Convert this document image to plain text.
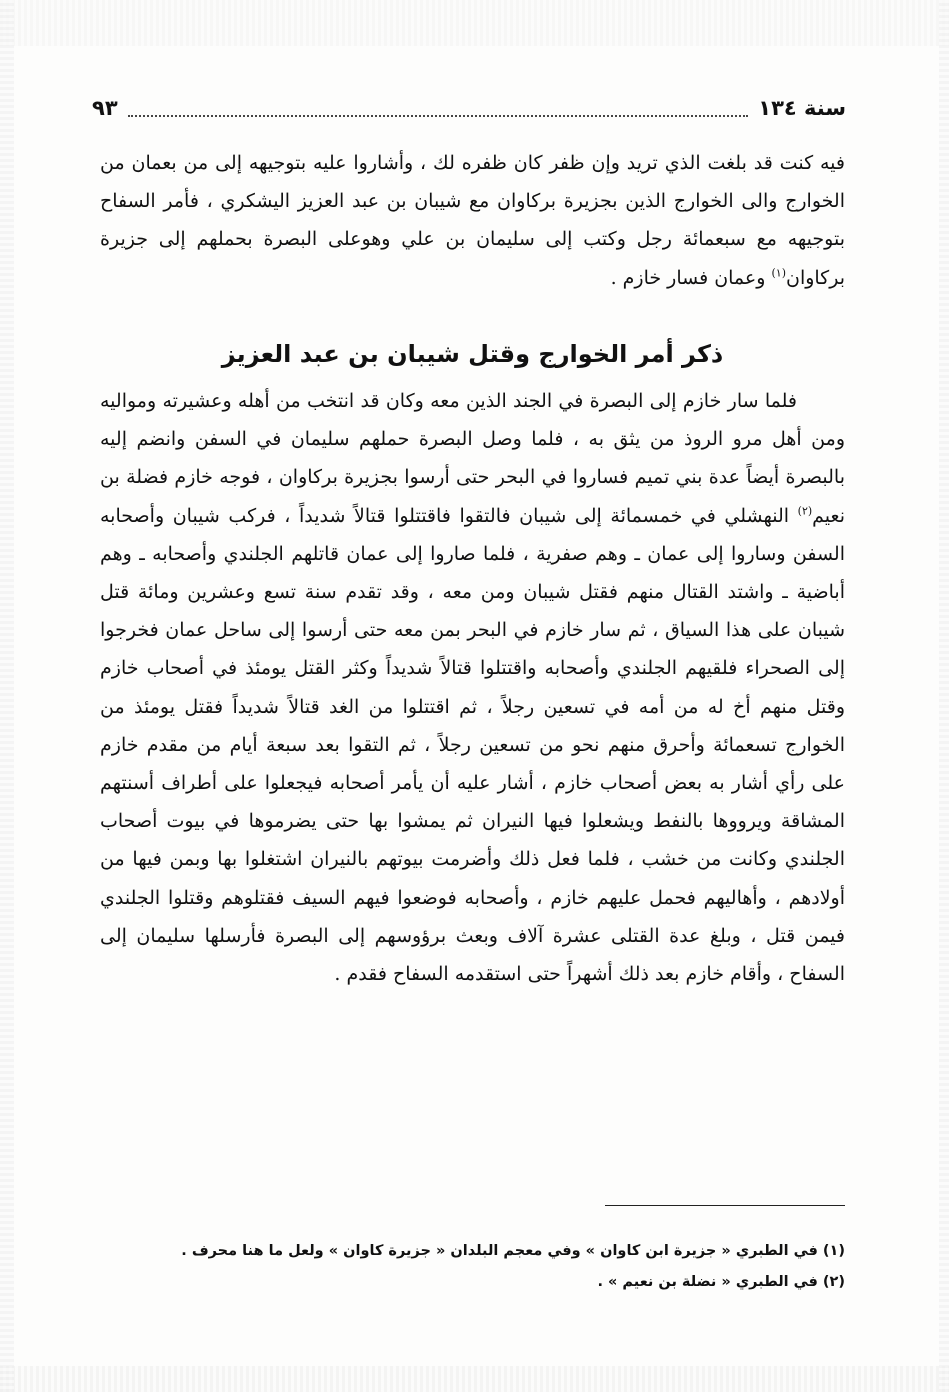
سنة ١٣٤
٩٣

فيه كنت قد بلغت الذي تريد وإن ظفر كان ظفره لك ، وأشاروا عليه بتوجيهه إلى من بعمان من الخوارج والى الخوارج الذين بجزيرة بركاوان مع شيبان بن عبد العزيز اليشكري ، فأمر السفاح بتوجيهه مع سبعمائة رجل وكتب إلى سليمان بن علي وهوعلى البصرة بحملهم إلى جزيرة بركاوان$^{(١)}$ وعمان فسار خازم .

ذكر أمر الخوارج وقتل شيبان بن عبد العزيز

فلما سار خازم إلى البصرة في الجند الذين معه وكان قد انتخب من أهله وعشيرته ومواليه ومن أهل مرو الروذ من يثق به ، فلما وصل البصرة حملهم سليمان في السفن وانضم إليه بالبصرة أيضاً عدة بني تميم فساروا في البحر حتى أرسوا بجزيرة بركاوان ، فوجه خازم فضلة بن نعيم$^{(٢)}$ النهشلي في خمسمائة إلى شيبان فالتقوا فاقتتلوا قتالاً شديداً ، فركب شيبان وأصحابه السفن وساروا إلى عمان ـ وهم صفرية ، فلما صاروا إلى عمان قاتلهم الجلندي وأصحابه ـ وهم أباضية ـ واشتد القتال منهم فقتل شيبان ومن معه ، وقد تقدم سنة تسع وعشرين ومائة قتل شيبان على هذا السياق ، ثم سار خازم في البحر بمن معه حتى أرسوا إلى ساحل عمان فخرجوا إلى الصحراء فلقيهم الجلندي وأصحابه واقتتلوا قتالاً شديداً وكثر القتل يومئذ في أصحاب خازم وقتل منهم أخ له من أمه في تسعين رجلاً ، ثم اقتتلوا من الغد قتالاً شديداً فقتل يومئذ من الخوارج تسعمائة وأحرق منهم نحو من تسعين رجلاً ، ثم التقوا بعد سبعة أيام من مقدم خازم على رأي أشار به بعض أصحاب خازم ، أشار عليه أن يأمر أصحابه فيجعلوا على أطراف أسنتهم المشاقة ويرووها بالنفط ويشعلوا فيها النيران ثم يمشوا بها حتى يضرموها في بيوت أصحاب الجلندي وكانت من خشب ، فلما فعل ذلك وأضرمت بيوتهم بالنيران اشتغلوا بها وبمن فيها من أولادهم ، وأهاليهم فحمل عليهم خازم ، وأصحابه فوضعوا فيهم السيف فقتلوهم وقتلوا الجلندي فيمن قتل ، وبلغ عدة القتلى عشرة آلاف وبعث برؤوسهم إلى البصرة فأرسلها سليمان إلى السفاح ، وأقام خازم بعد ذلك أشهراً حتى استقدمه السفاح فقدم .

(١) في الطبري « جزيرة ابن كاوان » وفي معجم البلدان « جزيرة كاوان » ولعل ما هنا محرف .
(٢) في الطبري « نضلة بن نعيم » .
